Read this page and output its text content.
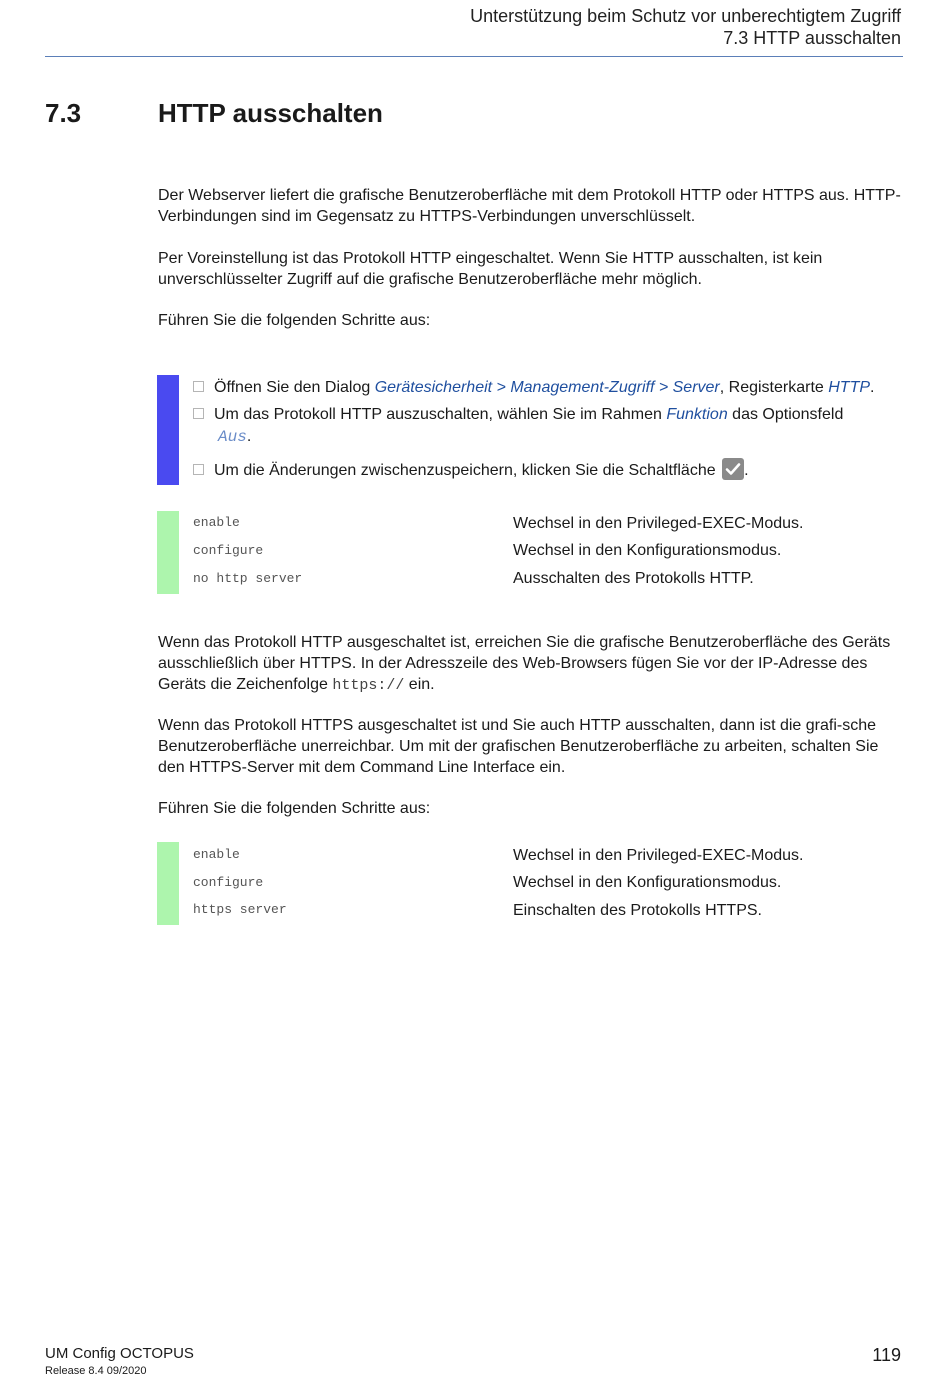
Unterstützung beim Schutz vor unberechtigtem Zugriff
7.3 HTTP ausschalten
7.3	HTTP ausschalten

Der Webserver liefert die grafische Benutzeroberfläche mit dem Protokoll HTTP oder HTTPS aus. HTTP-Verbindungen sind im Gegensatz zu HTTPS-Verbindungen unverschlüsselt.

Per Voreinstellung ist das Protokoll HTTP eingeschaltet. Wenn Sie HTTP ausschalten, ist kein unverschlüsselter Zugriff auf die grafische Benutzeroberfläche mehr möglich.

Führen Sie die folgenden Schritte aus:

Öffnen Sie den Dialog Gerätesicherheit > Management-Zugriff > Server, Registerkarte HTTP.
Um das Protokoll HTTP auszuschalten, wählen Sie im Rahmen Funktion das Optionsfeld
Aus.
Um die Änderungen zwischenzuspeichern, klicken Sie die Schaltfläche
.
enable	Wechsel in den Privileged-EXEC-Modus.
configure	Wechsel in den Konfigurationsmodus.
no http server	Ausschalten des Protokolls HTTP.

Wenn das Protokoll HTTP ausgeschaltet ist, erreichen Sie die grafische Benutzeroberfläche des Geräts ausschließlich über HTTPS. In der Adresszeile des Web-Browsers fügen Sie vor der IP-Adresse des Geräts die Zeichenfolge https:// ein.

Wenn das Protokoll HTTPS ausgeschaltet ist und Sie auch HTTP ausschalten, dann ist die grafi-sche Benutzeroberfläche unerreichbar. Um mit der grafischen Benutzeroberfläche zu arbeiten, schalten Sie den HTTPS-Server mit dem Command Line Interface ein.

Führen Sie die folgenden Schritte aus:

enable	Wechsel in den Privileged-EXEC-Modus.
configure	Wechsel in den Konfigurationsmodus.
https server	Einschalten des Protokolls HTTPS.
UM Config OCTOPUS
Release 8.4 09/2020
119
